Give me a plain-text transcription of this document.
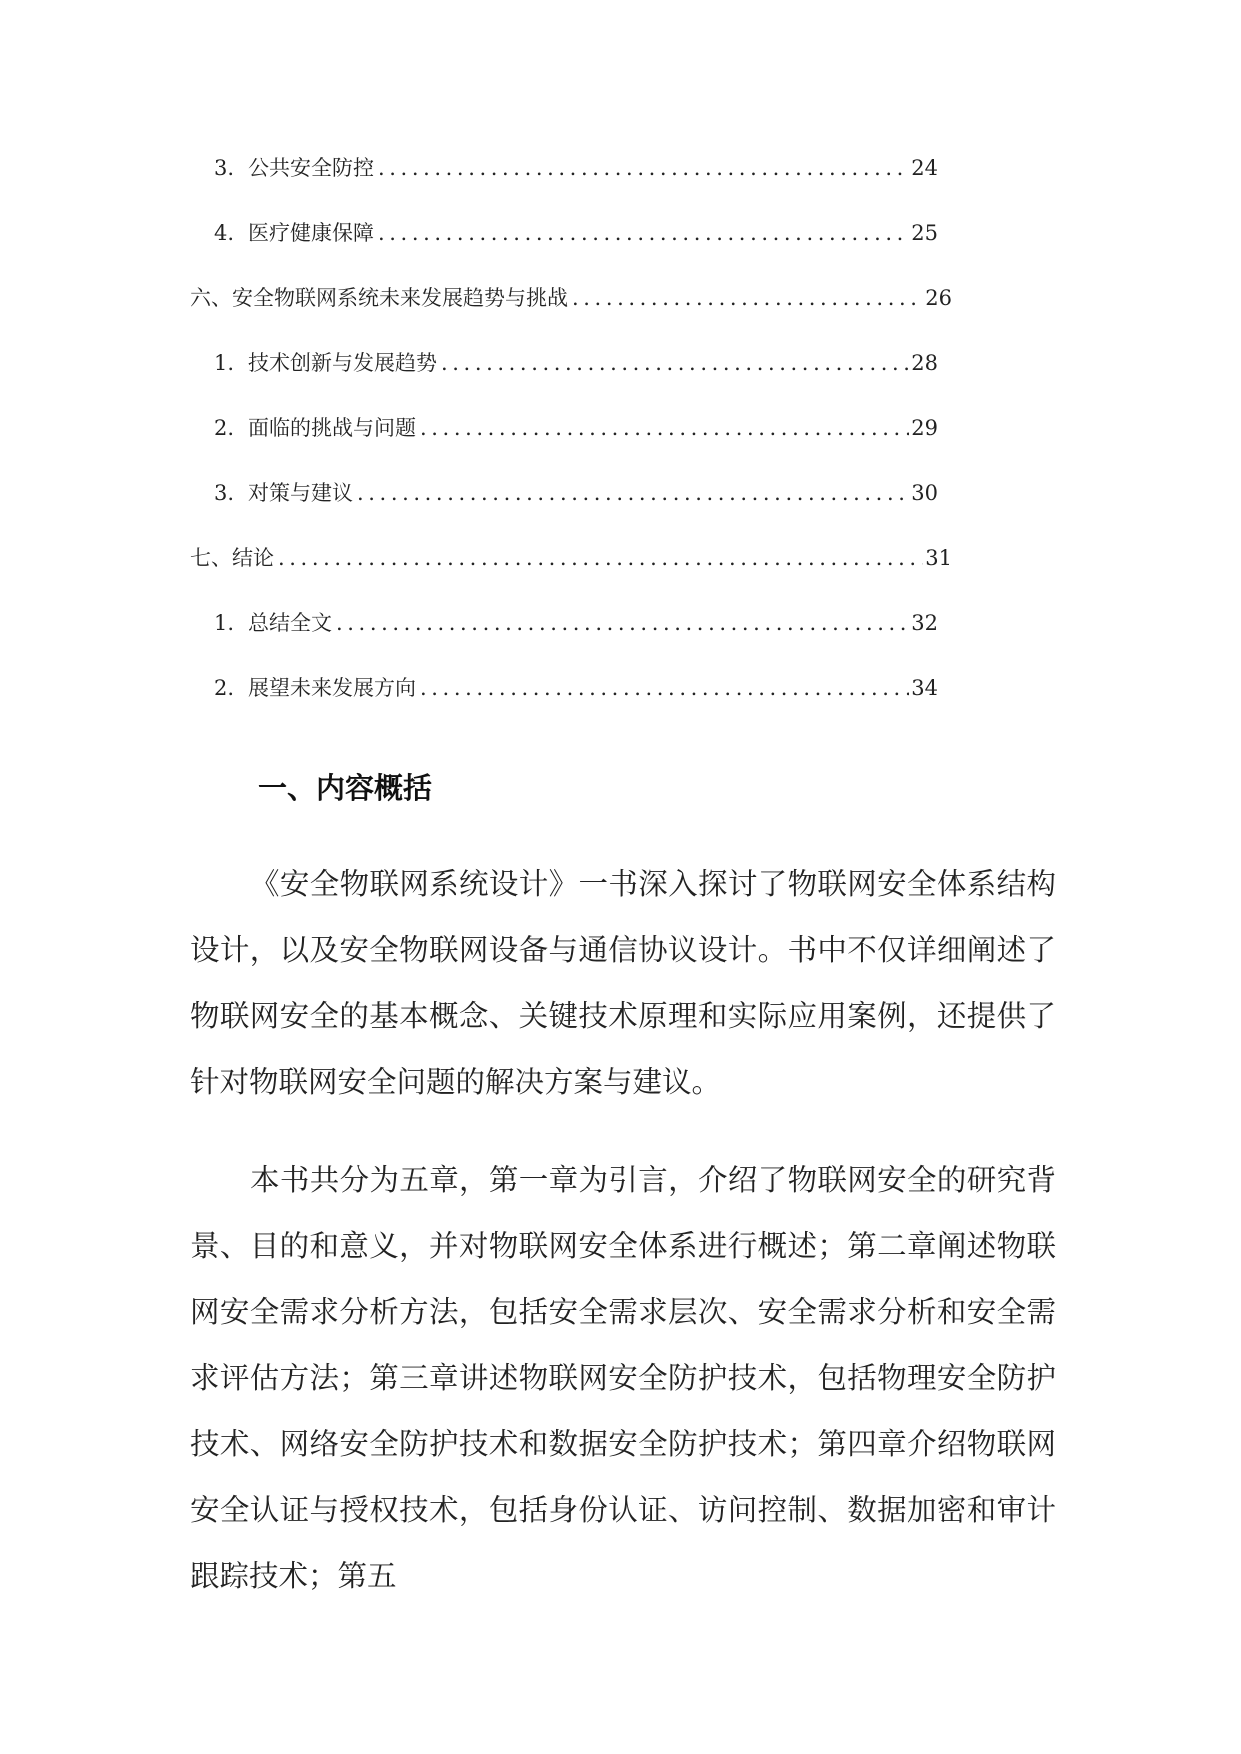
3. 公共安全防控 .....	24
4. 医疗健康保障 .....	25
六、安全物联网系统未来发展趋势与挑战 .....	26
1. 技术创新与发展趋势 .....	28
2. 面临的挑战与问题 .....	29
3. 对策与建议 .....	30
七、结论 .....	31
1. 总结全文 .....	32
2. 展望未来发展方向 .....	34
一、内容概括

《安全物联网系统设计》一书深入探讨了物联网安全体系结构设计，以及安全物联网设备与通信协议设计。书中不仅详细阐述了物联网安全的基本概念、关键技术原理和实际应用案例，还提供了针对物联网安全问题的解决方案与建议。

本书共分为五章，第一章为引言，介绍了物联网安全的研究背景、目的和意义，并对物联网安全体系进行概述；第二章阐述物联网安全需求分析方法，包括安全需求层次、安全需求分析和安全需求评估方法；第三章讲述物联网安全防护技术，包括物理安全防护技术、网络安全防护技术和数据安全防护技术；第四章介绍物联网安全认证与授权技术，包括身份认证、访问控制、数据加密和审计跟踪技术；第五
